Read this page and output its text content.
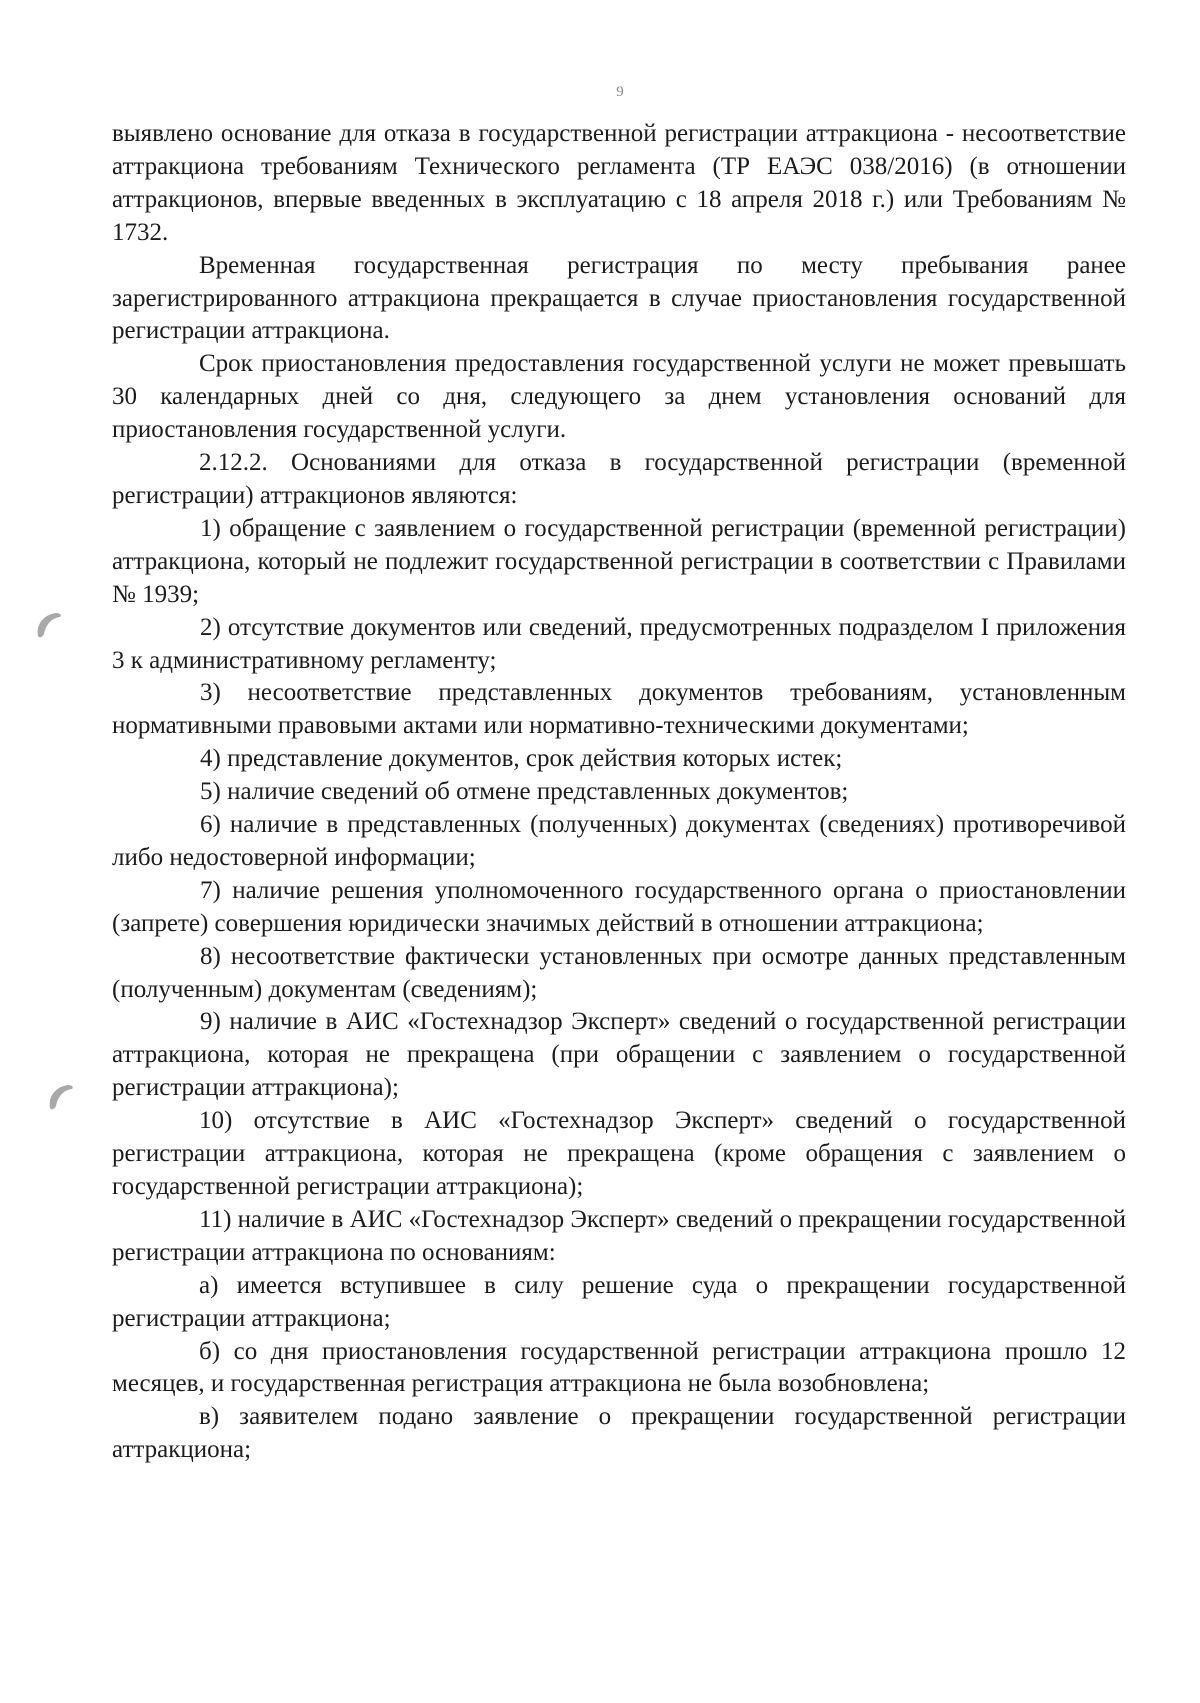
9

выявлено основание для отказа в государственной регистрации аттракциона - несоответствие аттракциона требованиям Технического регламента (ТР ЕАЭС 038/2016) (в отношении аттракционов, впервые введенных в эксплуатацию с 18 апреля 2018 г.) или Требованиям № 1732.

Временная государственная регистрация по месту пребывания ранее зарегистрированного аттракциона прекращается в случае приостановления государственной регистрации аттракциона.

Срок приостановления предоставления государственной услуги не может превышать 30 календарных дней со дня, следующего за днем установления оснований для приостановления государственной услуги.

2.12.2. Основаниями для отказа в государственной регистрации (временной регистрации) аттракционов являются:

1) обращение с заявлением о государственной регистрации (временной регистрации) аттракциона, который не подлежит государственной регистрации в соответствии с Правилами № 1939;

2) отсутствие документов или сведений, предусмотренных подразделом I приложения 3 к административному регламенту;

3) несоответствие представленных документов требованиям, установленным нормативными правовыми актами или нормативно-техническими документами;

4) представление документов, срок действия которых истек;

5) наличие сведений об отмене представленных документов;

6) наличие в представленных (полученных) документах (сведениях) противоречивой либо недостоверной информации;

7) наличие решения уполномоченного государственного органа о приостановлении (запрете) совершения юридически значимых действий в отношении аттракциона;

8) несоответствие фактически установленных при осмотре данных представленным (полученным) документам (сведениям);

9) наличие в АИС «Гостехнадзор Эксперт» сведений о государственной регистрации аттракциона, которая не прекращена (при обращении с заявлением о государственной регистрации аттракциона);

10) отсутствие в АИС «Гостехнадзор Эксперт» сведений о государственной регистрации аттракциона, которая не прекращена (кроме обращения с заявлением о государственной регистрации аттракциона);

11) наличие в АИС «Гостехнадзор Эксперт» сведений о прекращении государственной регистрации аттракциона по основаниям:

а) имеется вступившее в силу решение суда о прекращении государственной регистрации аттракциона;

б) со дня приостановления государственной регистрации аттракциона прошло 12 месяцев, и государственная регистрация аттракциона не была возобновлена;

в) заявителем подано заявление о прекращении государственной регистрации аттракциона;
